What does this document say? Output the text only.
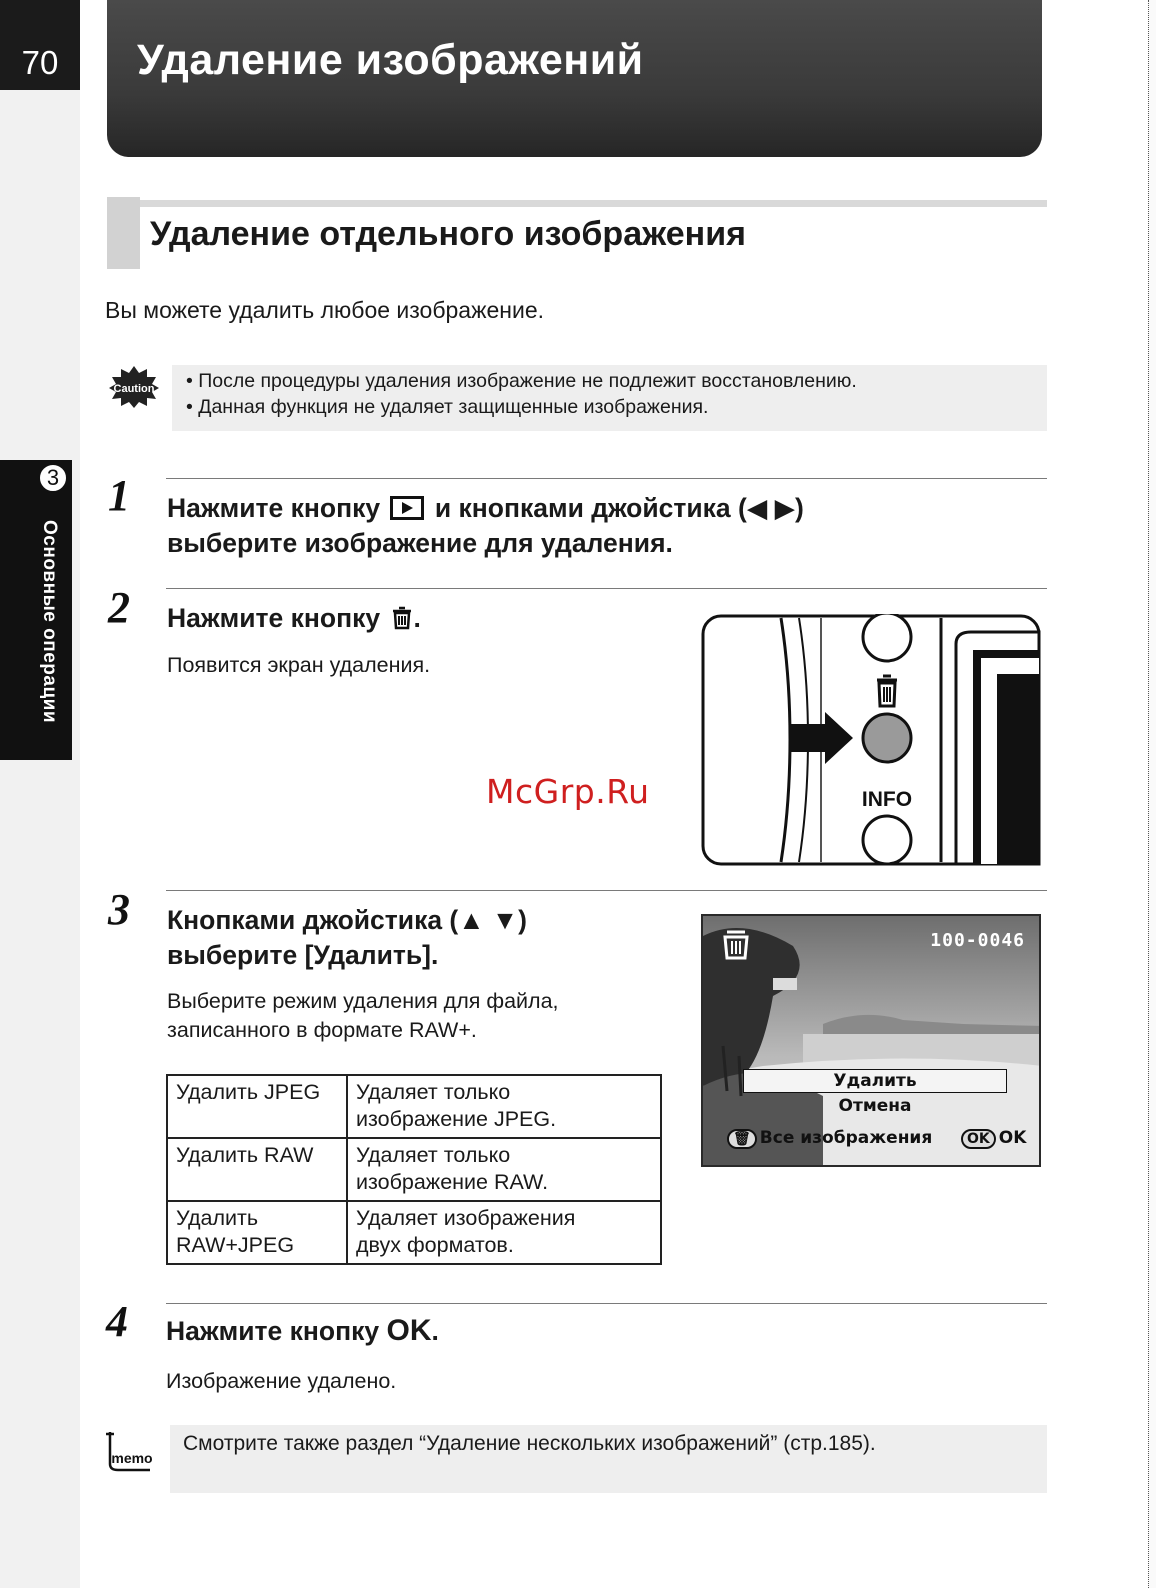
70
3
Основные операции
Удаление изображений
Удаление отдельного изображения
Вы можете удалить любое изображение.
Caution • После процедуры удаления изображение не подлежит восстановлению.
• Данная функция не удаляет защищенные изображения.
1 Нажмите кнопку и кнопками джойстика (◀ ▶)
выберите изображение для удаления.
2 Нажмите кнопку .
Появится экран удаления.
INFO
McGrp.Ru
3 Кнопками джойстика (▲ ▼)
выберите [Удалить].
Выберите режим удаления для файла,
записанного в формате RAW+.
Удалить JPEG	Удаляет только
изображение JPEG.
Удалить RAW	Удаляет только
изображение RAW.
Удалить
RAW+JPEG	Удаляет изображения
двух форматов.
100-0046
Удалить
Отмена
🗑 Все изображения	OK OK
4 Нажмите кнопку OK.
Изображение удалено.
memo
Смотрите также раздел “Удаление нескольких изображений” (стр.185).
